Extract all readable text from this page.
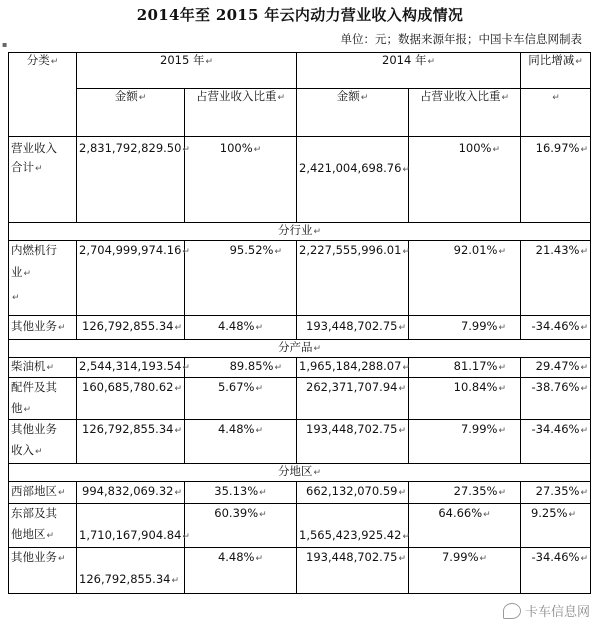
2014年至 2015 年云内动力营业收入构成情况
单位：元；数据来源年报；中国卡车信息网制表
▪
分类↵	2015 年↵		2014 年↵		同比增减↵
	金额↵	占营业收入比重↵	金额↵	占营业收入比重↵	↵

营业收入
合计↵	2,831,792,829.50↵	100%↵	2,421,004,698.76↵	100%↵	16.97%↵
分行业↵					

内燃机行
业↵
↵	2,704,999,974.16↵	95.52%↵	2,227,555,996.01↵	92.01%↵	21.43%↵
其他业务↵	126,792,855.34↵	4.48%↵	193,448,702.75↵	7.99%↵	-34.46%↵
分产品↵					
柴油机↵	2,544,314,193.54↵	89.85%↵	1,965,184,288.07↵	81.17%↵	29.47%↵

配件及其
他↵	160,685,780.62↵	5.67%↵	262,371,707.94↵	10.84%↵	-38.76%↵

其他业务
收入↵	126,792,855.34↵	4.48%↵	193,448,702.75↵	7.99%↵	-34.46%↵
分地区↵					
西部地区↵	994,832,069.32↵	35.13%↵	662,132,070.59↵	27.35%↵	27.35%↵

东部及其
他地区↵	1,710,167,904.84↵	60.39%↵	1,565,423,925.42↵	64.66%↵	9.25%↵
其他业务↵	126,792,855.34↵	4.48%↵	193,448,702.75↵	7.99%↵	-34.46%↵
卡车信息网
